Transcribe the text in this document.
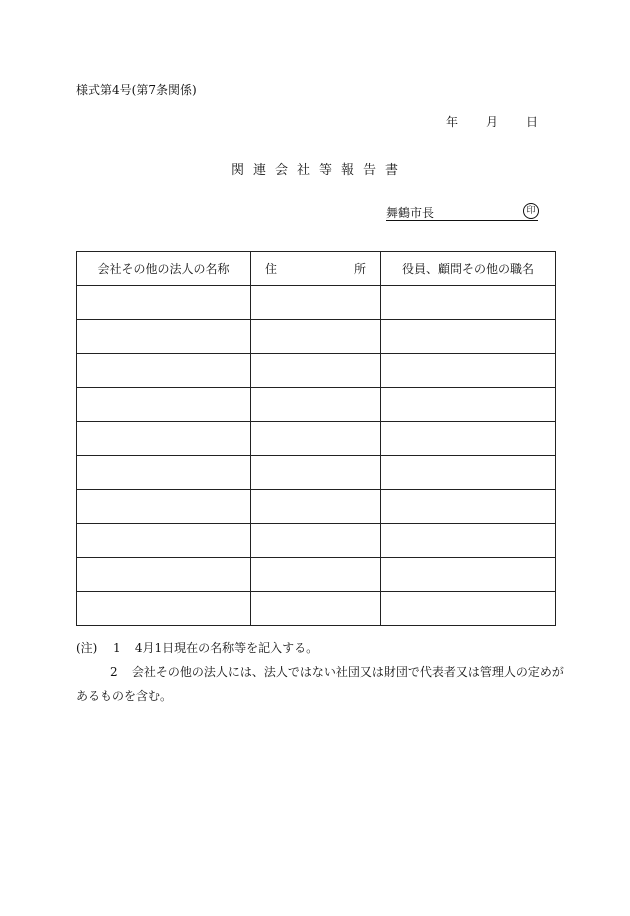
様式第4号(第7条関係)
年 月 日
関連会社等報告書
舞鶴市長	印
会社その他の法人の名称	住 所	役員、顧問その他の職名

(注) 1 4月1日現在の名称等を記入する。
2 会社その他の法人には、法人ではない社団又は財団で代表者又は管理人の定めが
あるものを含む。
